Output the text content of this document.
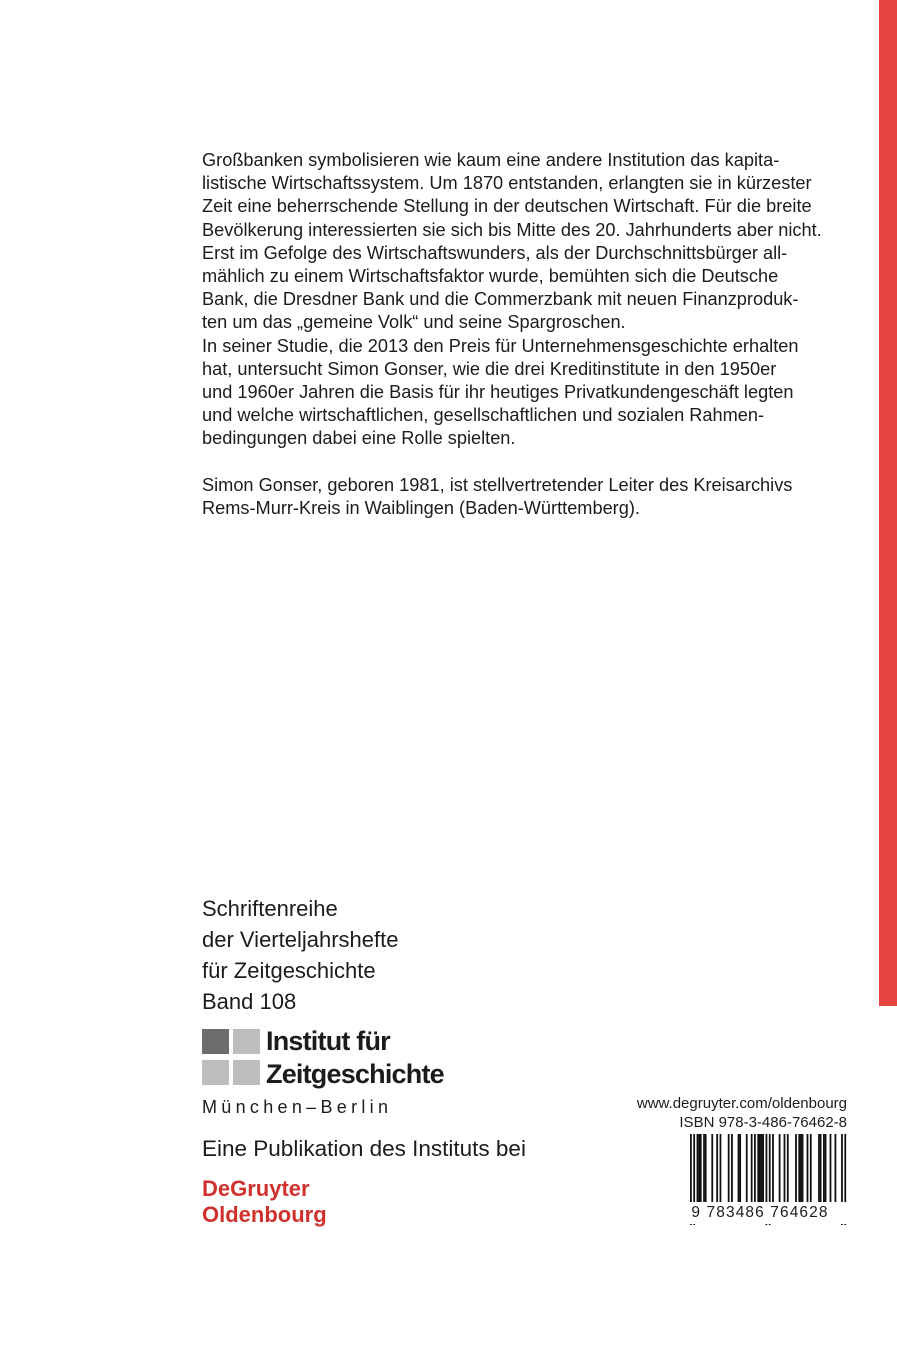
Großbanken symbolisieren wie kaum eine andere Institution das kapita-
listische Wirtschaftssystem. Um 1870 entstanden, erlangten sie in kürzester
Zeit eine beherrschende Stellung in der deutschen Wirtschaft. Für die breite
Bevölkerung interessierten sie sich bis Mitte des 20. Jahrhunderts aber nicht.
Erst im Gefolge des Wirtschaftswunders, als der Durchschnittsbürger all-
mählich zu einem Wirtschaftsfaktor wurde, bemühten sich die Deutsche
Bank, die Dresdner Bank und die Commerzbank mit neuen Finanzproduk-
ten um das „gemeine Volk“ und seine Spargroschen.
In seiner Studie, die 2013 den Preis für Unternehmensgeschichte erhalten
hat, untersucht Simon Gonser, wie die drei Kreditinstitute in den 1950er
und 1960er Jahren die Basis für ihr heutiges Privatkundengeschäft legten
und welche wirtschaftlichen, gesellschaftlichen und sozialen Rahmen-
bedingungen dabei eine Rolle spielten.
Simon Gonser, geboren 1981, ist stellvertretender Leiter des Kreisarchivs
Rems-Murr-Kreis in Waiblingen (Baden-Württemberg).
Schriftenreihe
der Vierteljahrshefte
für Zeitgeschichte
Band 108
Institut für
Zeitgeschichte
München–Berlin
Eine Publikation des Instituts bei
DeGruyter
Oldenbourg
www.degruyter.com/oldenbourg
ISBN 978-3-486-76462-8
9 783486 764628
